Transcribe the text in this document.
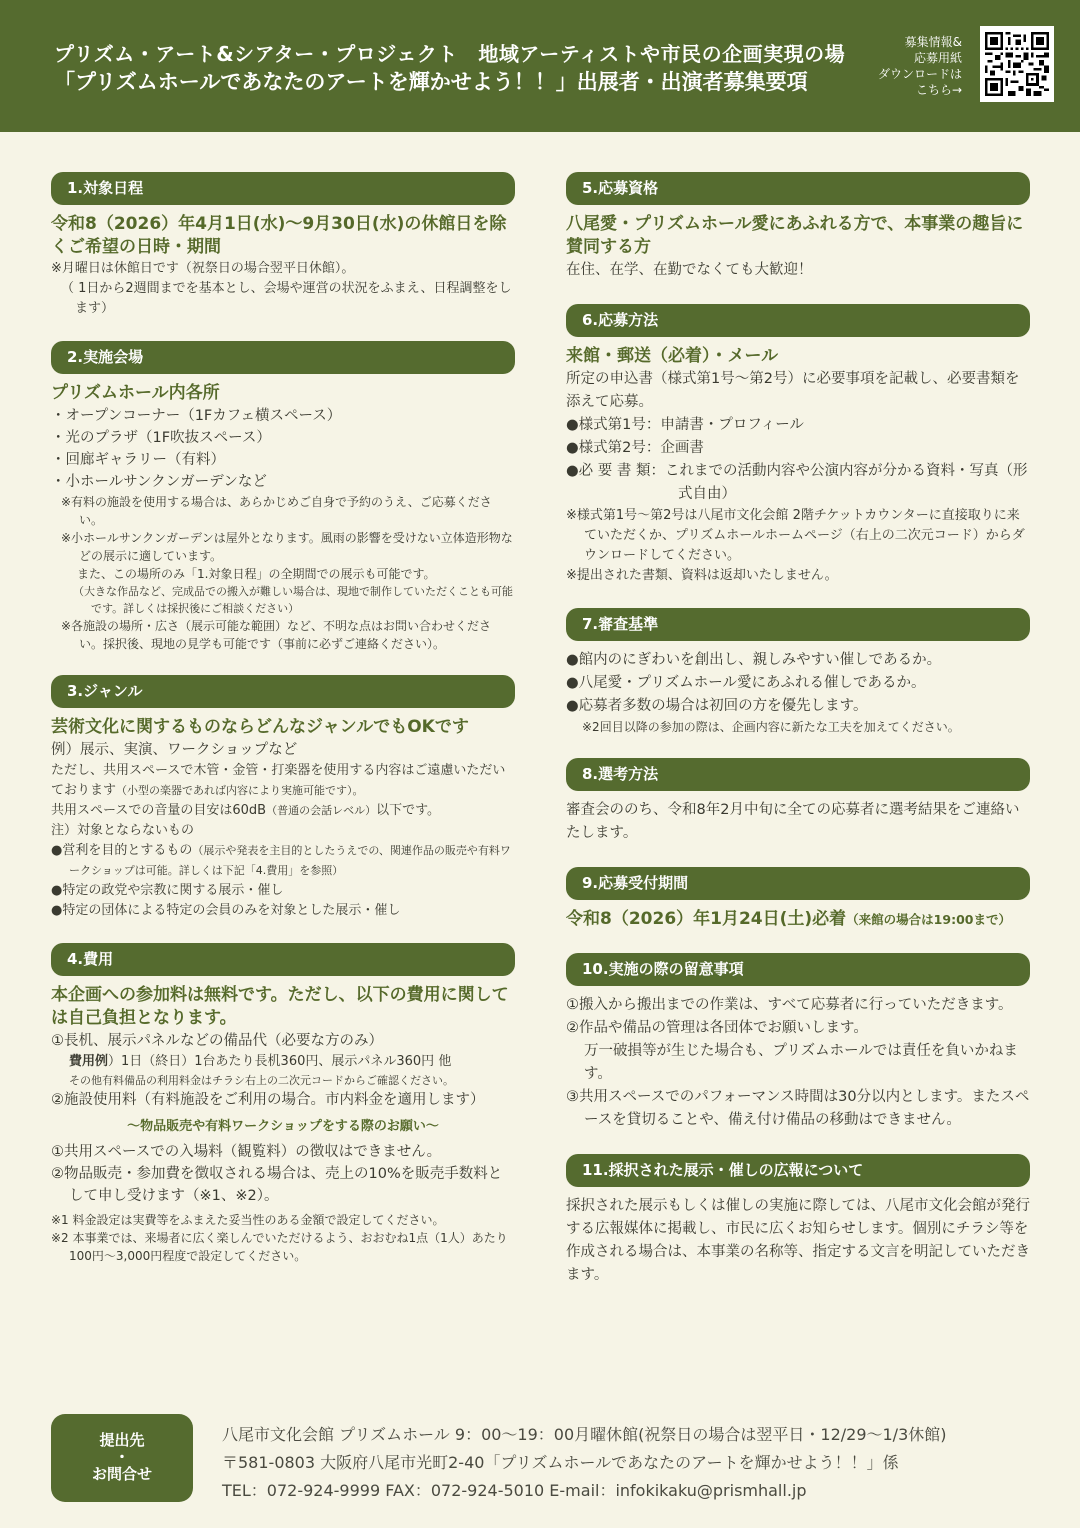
プリズム・アート&シアター・プロジェクト　地域アーティストや市民の企画実現の場
「プリズムホールであなたのアートを輝かせよう！！」出展者・出演者募集要項
募集情報&
応募用紙
ダウンロードは
こちら→
1.対象日程
令和8（2026）年4月1日(水)〜9月30日(水)の休館日を除くご希望の日時・期間
※月曜日は休館日です（祝祭日の場合翌平日休館）。
（ 1日から2週間までを基本とし、会場や運営の状況をふまえ、日程調整をします）
2.実施会場
プリズムホール内各所
・オープンコーナー（1Fカフェ横スペース）
・光のプラザ（1F吹抜スペース）
・回廊ギャラリー（有料）
・小ホールサンクンガーデンなど
※有料の施設を使用する場合は、あらかじめご自身で予約のうえ、ご応募ください。
※小ホールサンクンガーデンは屋外となります。風雨の影響を受けない立体造形物などの展示に適しています。
また、この場所のみ「1.対象日程」の全期間での展示も可能です。
（大きな作品など、完成品での搬入が難しい場合は、現地で制作していただくことも可能です。詳しくは採択後にご相談ください）
※各施設の場所・広さ（展示可能な範囲）など、不明な点はお問い合わせください。採択後、現地の見学も可能です（事前に必ずご連絡ください）。
3.ジャンル
芸術文化に関するものならどんなジャンルでもOKです
例）展示、実演、ワークショップなど
ただし、共用スペースで木管・金管・打楽器を使用する内容はご遠慮いただいております（小型の楽器であれば内容により実施可能です）。
共用スペースでの音量の目安は60dB（普通の会話レベル）以下です。
注）対象とならないもの
●営利を目的とするもの（展示や発表を主目的としたうえでの、関連作品の販売や有料ワークショップは可能。詳しくは下記「4.費用」を参照）
●特定の政党や宗教に関する展示・催し
●特定の団体による特定の会員のみを対象とした展示・催し
4.費用
本企画への参加料は無料です。ただし、以下の費用に関しては自己負担となります。
①長机、展示パネルなどの備品代（必要な方のみ）
費用例）1日（終日）1台あたり長机360円、展示パネル360円 他
その他有料備品の利用料金はチラシ右上の二次元コードからご確認ください。
②施設使用料（有料施設をご利用の場合。市内料金を適用します）
〜物品販売や有料ワークショップをする際のお願い〜
①共用スペースでの入場料（観覧料）の徴収はできません。
②物品販売・参加費を徴収される場合は、売上の10%を販売手数料として申し受けます（※1、※2）。
※1 料金設定は実費等をふまえた妥当性のある金額で設定してください。
※2 本事業では、来場者に広く楽しんでいただけるよう、おおむね1点（1人）あたり100円〜3,000円程度で設定してください。
5.応募資格
八尾愛・プリズムホール愛にあふれる方で、本事業の趣旨に賛同する方
在住、在学、在勤でなくても大歓迎！
6.応募方法
来館・郵送（必着）・メール
所定の申込書（様式第1号〜第2号）に必要事項を記載し、必要書類を添えて応募。
●様式第1号：申請書・プロフィール
●様式第2号：企画書
●必 要 書 類：これまでの活動内容や公演内容が分かる資料・写真（形式自由）
※様式第1号〜第2号は八尾市文化会館 2階チケットカウンターに直接取りに来ていただくか、プリズムホールホームページ（右上の二次元コード）からダウンロードしてください。
※提出された書類、資料は返却いたしません。
7.審査基準
●館内のにぎわいを創出し、親しみやすい催しであるか。
●八尾愛・プリズムホール愛にあふれる催しであるか。
●応募者多数の場合は初回の方を優先します。
※2回目以降の参加の際は、企画内容に新たな工夫を加えてください。
8.選考方法
審査会ののち、令和8年2月中旬に全ての応募者に選考結果をご連絡いたします。
9.応募受付期間
令和8（2026）年1月24日(土)必着（来館の場合は19:00まで）
10.実施の際の留意事項
①搬入から搬出までの作業は、すべて応募者に行っていただきます。
②作品や備品の管理は各団体でお願いします。
万一破損等が生じた場合も、プリズムホールでは責任を負いかねます。
③共用スペースでのパフォーマンス時間は30分以内とします。またスペースを貸切ることや、備え付け備品の移動はできません。
11.採択された展示・催しの広報について
採択された展示もしくは催しの実施に際しては、八尾市文化会館が発行する広報媒体に掲載し、市民に広くお知らせします。個別にチラシ等を作成される場合は、本事業の名称等、指定する文言を明記していただきます。
提出先
・
お問合せ
八尾市文化会館 プリズムホール 9：00〜19：00月曜休館(祝祭日の場合は翌平日・12/29〜1/3休館)
〒581-0803 大阪府八尾市光町2-40「プリズムホールであなたのアートを輝かせよう！！」係
TEL：072-924-9999 FAX：072-924-5010 E-mail：infokikaku@prismhall.jp
